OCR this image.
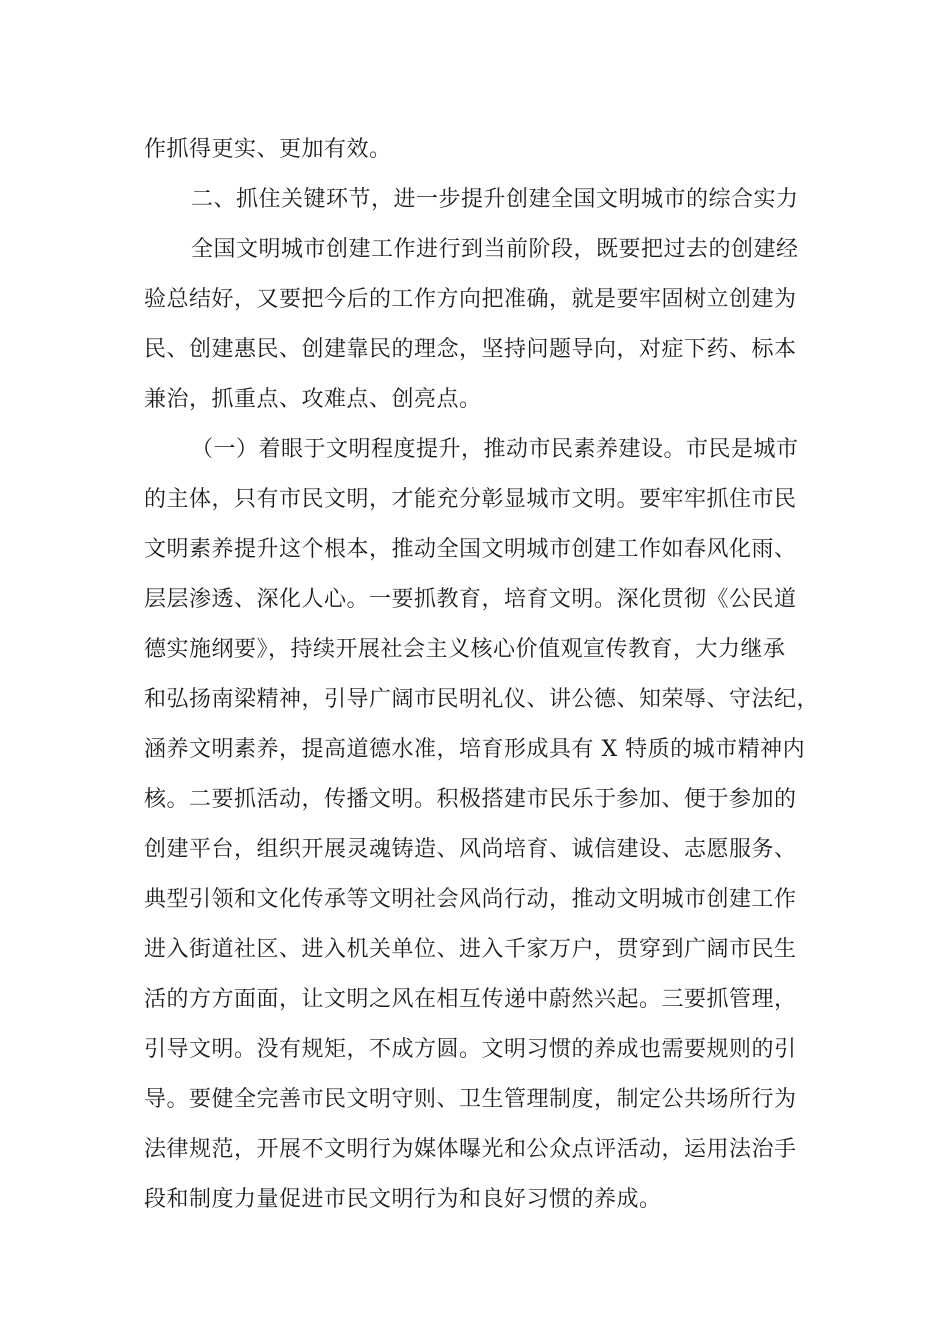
作抓得更实、更加有效。
二、抓住关键环节，进一步提升创建全国文明城市的综合实力
全国文明城市创建工作进行到当前阶段，既要把过去的创建经
验总结好，又要把今后的工作方向把准确，就是要牢固树立创建为
民、创建惠民、创建靠民的理念，坚持问题导向，对症下药、标本
兼治，抓重点、攻难点、创亮点。
（一）着眼于文明程度提升，推动市民素养建设。市民是城市
的主体，只有市民文明，才能充分彰显城市文明。要牢牢抓住市民
文明素养提升这个根本，推动全国文明城市创建工作如春风化雨、
层层渗透、深化人心。一要抓教育，培育文明。深化贯彻《公民道
德实施纲要》，持续开展社会主义核心价值观宣传教育，大力继承
和弘扬南梁精神，引导广阔市民明礼仪、讲公德、知荣辱、守法纪，
涵养文明素养，提高道德水准，培育形成具有 X 特质的城市精神内
核。二要抓活动，传播文明。积极搭建市民乐于参加、便于参加的
创建平台，组织开展灵魂铸造、风尚培育、诚信建设、志愿服务、
典型引领和文化传承等文明社会风尚行动，推动文明城市创建工作
进入街道社区、进入机关单位、进入千家万户，贯穿到广阔市民生
活的方方面面，让文明之风在相互传递中蔚然兴起。三要抓管理，
引导文明。没有规矩，不成方圆。文明习惯的养成也需要规则的引
导。要健全完善市民文明守则、卫生管理制度，制定公共场所行为
法律规范，开展不文明行为媒体曝光和公众点评活动，运用法治手
段和制度力量促进市民文明行为和良好习惯的养成。
